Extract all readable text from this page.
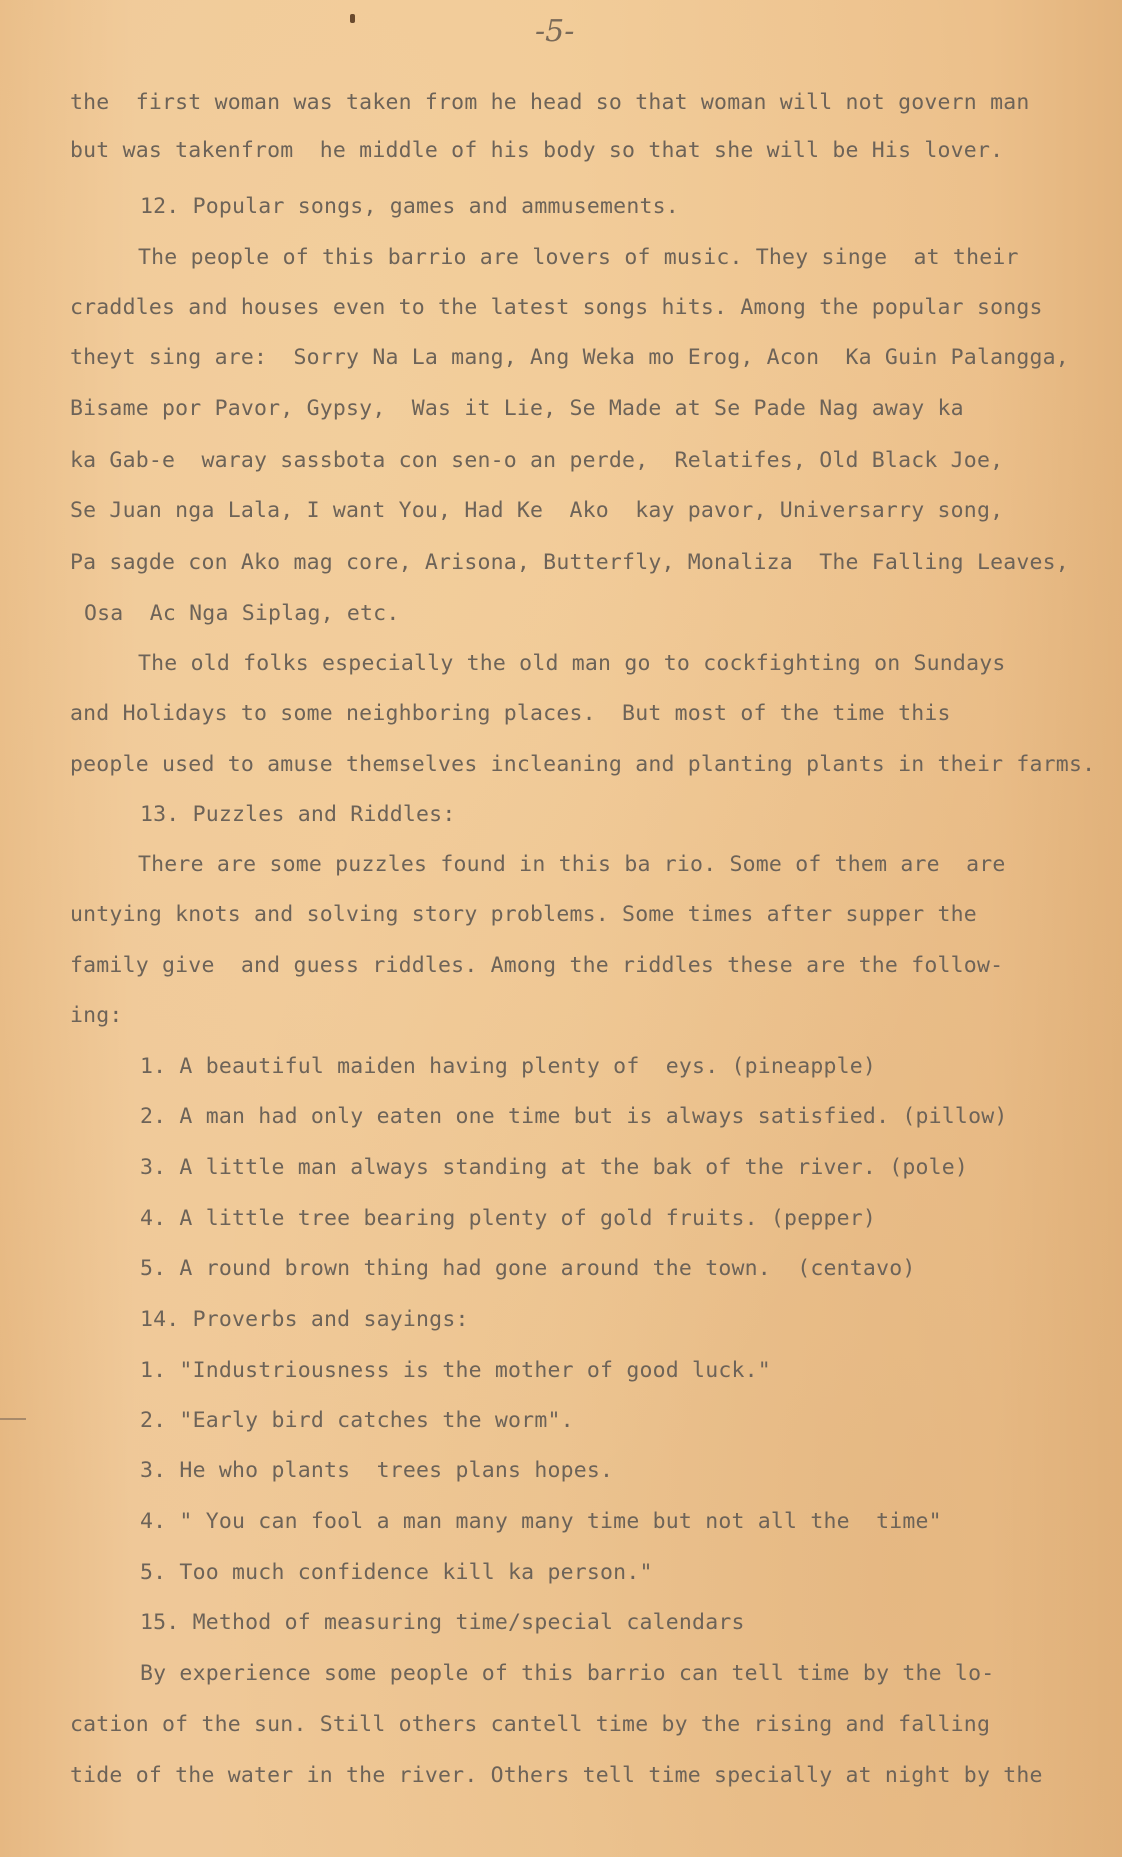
-5-
the  first woman was taken from he head so that woman will not govern man
but was takenfrom  he middle of his body so that she will be His lover.
12. Popular songs, games and ammusements.
The people of this barrio are lovers of music. They singe  at their
craddles and houses even to the latest songs hits. Among the popular songs
theyt sing are:  Sorry Na La mang, Ang Weka mo Erog, Acon  Ka Guin Palangga,
Bisame por Pavor, Gypsy,  Was it Lie, Se Made at Se Pade Nag away ka
ka Gab-e  waray sassbota con sen-o an perde,  Relatifes, Old Black Joe,
Se Juan nga Lala, I want You, Had Ke  Ako  kay pavor, Universarry song,
Pa sagde con Ako mag core, Arisona, Butterfly, Monaliza  The Falling Leaves,
Osa  Ac Nga Siplag, etc.
The old folks especially the old man go to cockfighting on Sundays
and Holidays to some neighboring places.  But most of the time this
people used to amuse themselves incleaning and planting plants in their farms.
13. Puzzles and Riddles:
There are some puzzles found in this ba rio. Some of them are  are
untying knots and solving story problems. Some times after supper the
family give  and guess riddles. Among the riddles these are the follow-
ing:
1. A beautiful maiden having plenty of  eys. (pineapple)
2. A man had only eaten one time but is always satisfied. (pillow)
3. A little man always standing at the bak of the river. (pole)
4. A little tree bearing plenty of gold fruits. (pepper)
5. A round brown thing had gone around the town.  (centavo)
14. Proverbs and sayings:
1. "Industriousness is the mother of good luck."
2. "Early bird catches the worm".
3. He who plants  trees plans hopes.
4. " You can fool a man many many time but not all the  time"
5. Too much confidence kill ka person."
15. Method of measuring time/special calendars
By experience some people of this barrio can tell time by the lo-
cation of the sun. Still others cantell time by the rising and falling
tide of the water in the river. Others tell time specially at night by the
